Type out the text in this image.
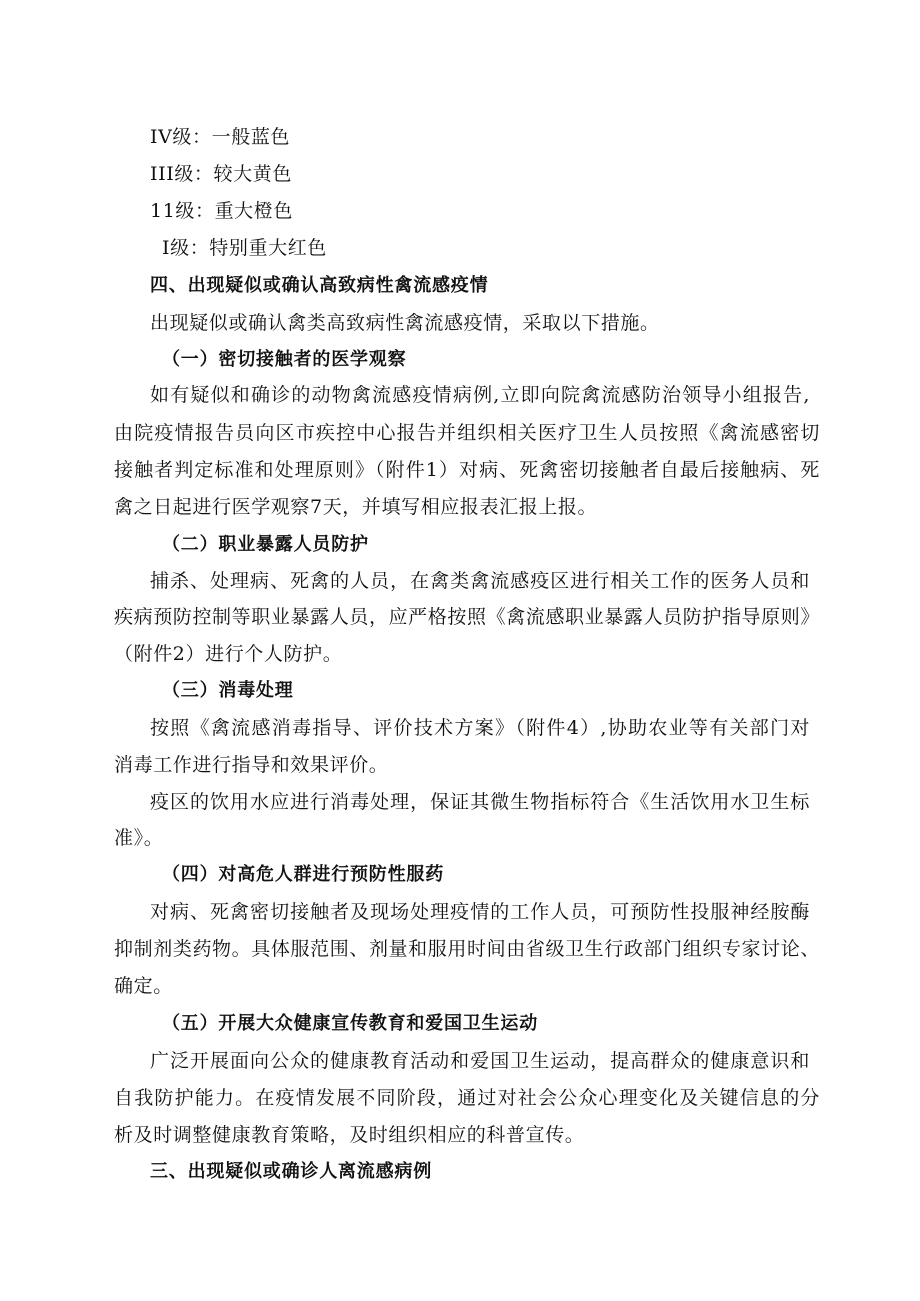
IV级：一般蓝色
III级：较大黄色
11级：重大橙色
I级：特别重大红色
四、出现疑似或确认高致病性禽流感疫情
出现疑似或确认禽类高致病性禽流感疫情，采取以下措施。
（一）密切接触者的医学观察
如有疑似和确诊的动物禽流感疫情病例,立即向院禽流感防治领导小组报告,
由院疫情报告员向区市疾控中心报告并组织相关医疗卫生人员按照《禽流感密切
接触者判定标准和处理原则》（附件1）对病、死禽密切接触者自最后接触病、死
禽之日起进行医学观察7天，并填写相应报表汇报上报。
（二）职业暴露人员防护
捕杀、处理病、死禽的人员，在禽类禽流感疫区进行相关工作的医务人员和
疾病预防控制等职业暴露人员，应严格按照《禽流感职业暴露人员防护指导原则》
（附件2）进行个人防护。
（三）消毒处理
按照《禽流感消毒指导、评价技术方案》（附件4）,协助农业等有关部门对
消毒工作进行指导和效果评价。
疫区的饮用水应进行消毒处理，保证其微生物指标符合《生活饮用水卫生标
准》。
（四）对高危人群进行预防性服药
对病、死禽密切接触者及现场处理疫情的工作人员，可预防性投服神经胺酶
抑制剂类药物。具体服范围、剂量和服用时间由省级卫生行政部门组织专家讨论、
确定。
（五）开展大众健康宣传教育和爱国卫生运动
广泛开展面向公众的健康教育活动和爱国卫生运动，提高群众的健康意识和
自我防护能力。在疫情发展不同阶段，通过对社会公众心理变化及关键信息的分
析及时调整健康教育策略，及时组织相应的科普宣传。
三、出现疑似或确诊人离流感病例
